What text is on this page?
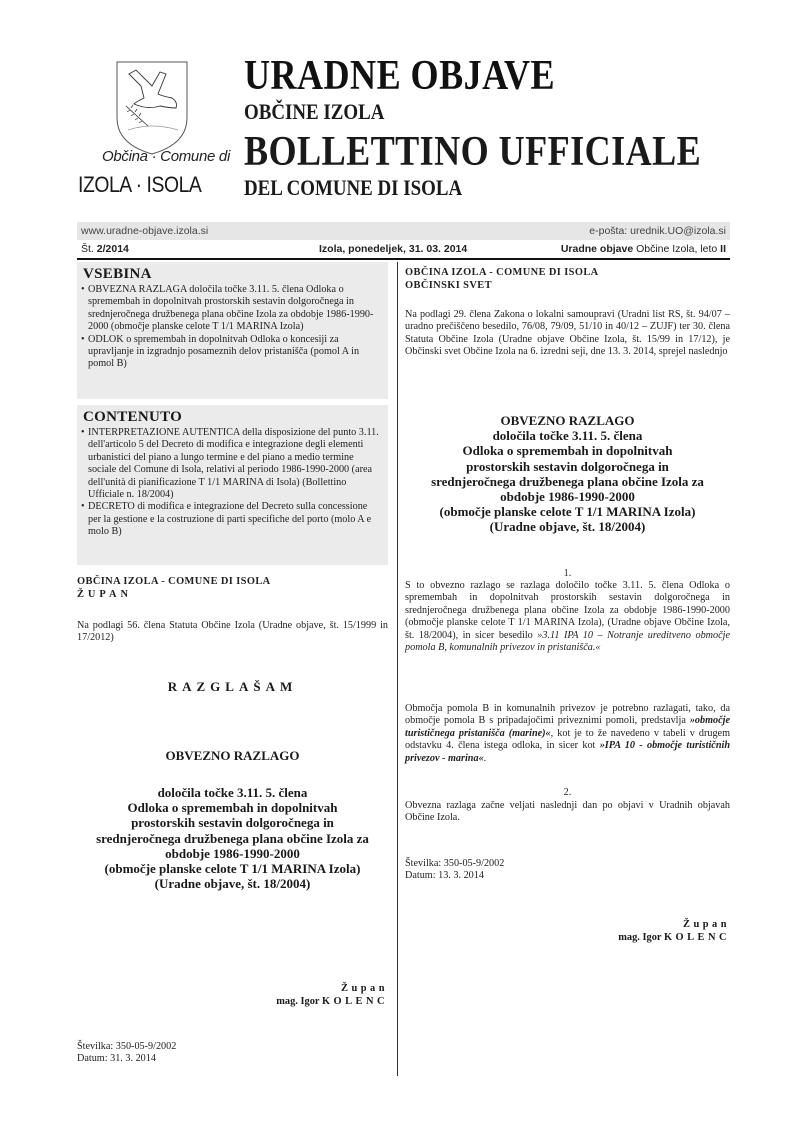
Občina · Comune di
IZOLA · ISOLA
URADNE OBJAVE
OBČINE IZOLA
BOLLETTINO UFFICIALE
DEL COMUNE DI ISOLA
www.uradne-objave.izola.si	e-pošta: urednik.UO@izola.si
Št. 2/2014	Izola, ponedeljek, 31. 03. 2014	Uradne objave Občine Izola, leto II
VSEBINA
• OBVEZNA RAZLAGA določila točke 3.11. 5. člena Odloka o spremembah in dopolnitvah prostorskih sestavin dolgoročnega in srednjeročnega družbenega plana občine Izola za obdobje 1986-1990-2000 (območje planske celote T 1/1 MARINA Izola)
• ODLOK o spremembah in dopolnitvah Odloka o koncesiji za upravljanje in izgradnjo posameznih delov pristanišča (pomol A in pomol B)
CONTENUTO
• INTERPRETAZIONE AUTENTICA della disposizione del punto 3.11. dell'articolo 5 del Decreto di modifica e integrazione degli elementi urbanistici del piano a lungo termine e del piano a medio termine sociale del Comune di Isola, relativi al periodo 1986-1990-2000 (area dell'unità di pianificazione T 1/1 MARINA di Isola) (Bollettino Ufficiale n. 18/2004)
• DECRETO di modifica e integrazione del Decreto sulla concessione per la gestione e la costruzione di parti specifiche del porto (molo A e molo B)
OBČINA IZOLA - COMUNE DI ISOLA
ŽUPAN
Na podlagi 56. člena Statuta Občine Izola (Uradne objave, št. 15/1999 in 17/2012)
RAZGLAŠAM
OBVEZNO RAZLAGO
določila točke 3.11. 5. člena
Odloka o spremembah in dopolnitvah
prostorskih sestavin dolgoročnega in
srednjeročnega družbenega plana občine Izola za
obdobje 1986-1990-2000
(območje planske celote T 1/1 MARINA Izola)
(Uradne objave, št. 18/2004)
Župan
mag. Igor KOLENC
Številka: 350-05-9/2002
Datum: 31. 3. 2014
OBČINA IZOLA - COMUNE DI ISOLA
OBČINSKI SVET
Na podlagi 29. člena Zakona o lokalni samoupravi (Uradni list RS, št. 94/07 – uradno prečiščeno besedilo, 76/08, 79/09, 51/10 in 40/12 – ZUJF) ter 30. člena Statuta Občine Izola (Uradne objave Občine Izola, št. 15/99 in 17/12), je Občinski svet Občine Izola na 6. izredni seji, dne 13. 3. 2014, sprejel naslednjo
OBVEZNO RAZLAGO
določila točke 3.11. 5. člena
Odloka o spremembah in dopolnitvah
prostorskih sestavin dolgoročnega in
srednjeročnega družbenega plana občine Izola za
obdobje 1986-1990-2000
(območje planske celote T 1/1 MARINA Izola)
(Uradne objave, št. 18/2004)
1.
S to obvezno razlago se razlaga določilo točke 3.11. 5. člena Odloka o spremembah in dopolnitvah prostorskih sestavin dolgoročnega in srednjeročnega družbenega plana občine Izola za obdobje 1986-1990-2000 (območje planske celote T 1/1 MARINA Izola), (Uradne objave Občine Izola, št. 18/2004), in sicer besedilo »3.11 IPA 10 – Notranje ureditveno območje pomola B, komunalnih privezov in pristanišča.«
Območja pomola B in komunalnih privezov je potrebno razlagati, tako, da območje pomola B s pripadajočimi priveznimi pomoli, predstavlja »območje turističnega pristanišča (marine)«, kot je to že navedeno v tabeli v drugem odstavku 4. člena istega odloka, in sicer kot »IPA 10 - območje turističnih privezov - marina«.
2.
Obvezna razlaga začne veljati naslednji dan po objavi v Uradnih objavah Občine Izola.
Številka: 350-05-9/2002
Datum: 13. 3. 2014
Župan
mag. Igor KOLENC
